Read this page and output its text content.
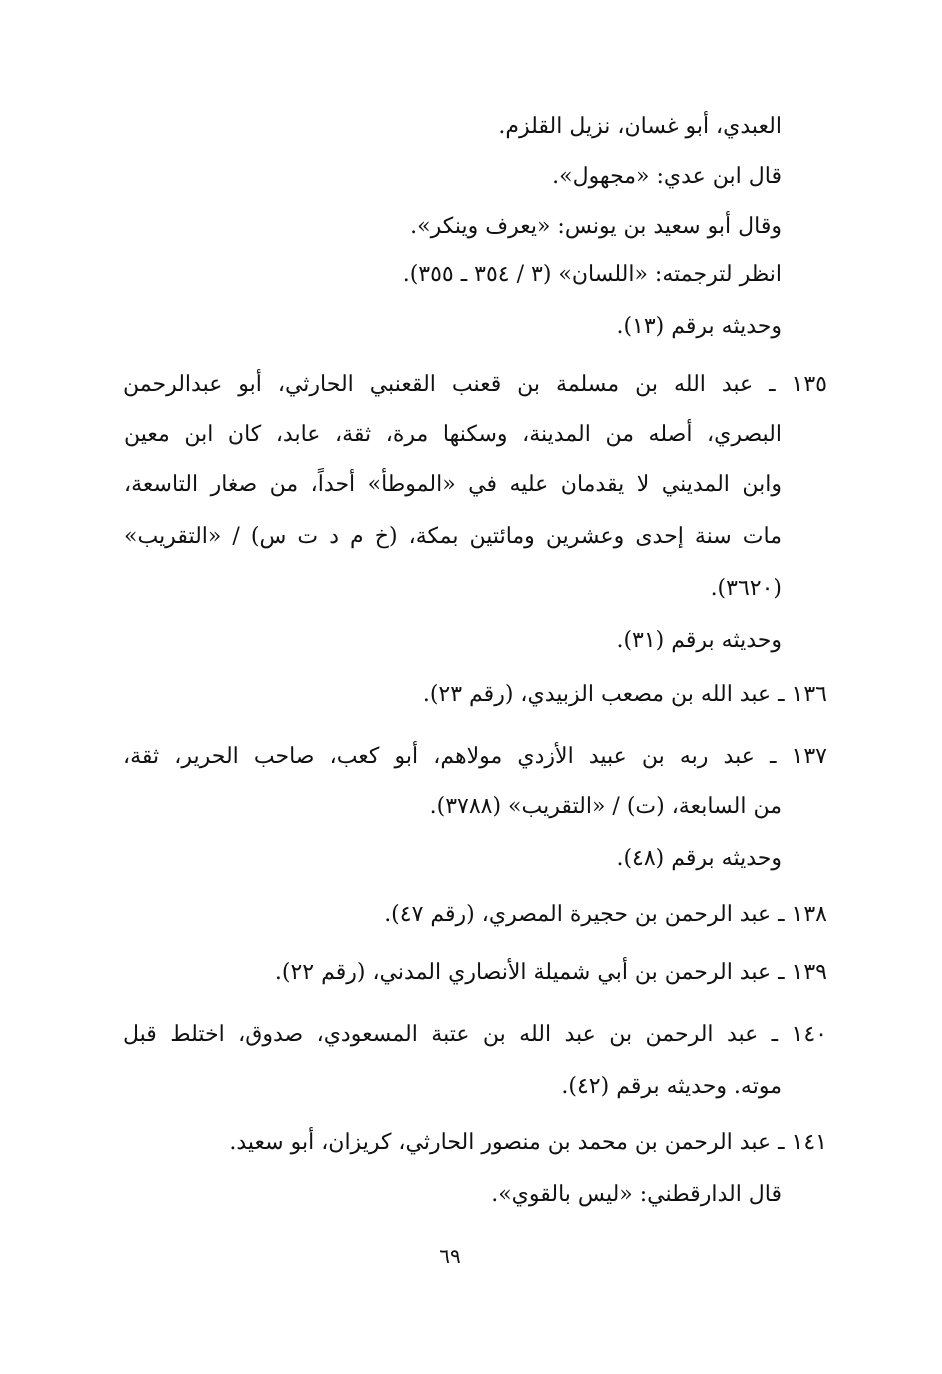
العبدي، أبو غسان، نزيل القلزم.
قال ابن عدي: «مجهول».
وقال أبو سعيد بن يونس: «يعرف وينكر».
انظر لترجمته: «اللسان» (٣ / ٣٥٤ ـ ٣٥٥).
وحديثه برقم (١٣).
١٣٥ ـ عبد الله بن مسلمة بن قعنب القعنبي الحارثي، أبو عبدالرحمن
البصري، أصله من المدينة، وسكنها مرة، ثقة، عابد، كان ابن معين
وابن المديني لا يقدمان عليه في «الموطأ» أحداً، من صغار التاسعة،
مات سنة إحدى وعشرين ومائتين بمكة، (خ م د ت س) / «التقريب»
(٣٦٢٠).
وحديثه برقم (٣١).
١٣٦ ـ عبد الله بن مصعب الزبيدي، (رقم ٢٣).
١٣٧ ـ عبد ربه بن عبيد الأزدي مولاهم، أبو كعب، صاحب الحرير، ثقة،
من السابعة، (ت) / «التقريب» (٣٧٨٨).
وحديثه برقم (٤٨).
١٣٨ ـ عبد الرحمن بن حجيرة المصري، (رقم ٤٧).
١٣٩ ـ عبد الرحمن بن أبي شميلة الأنصاري المدني، (رقم ٢٢).
١٤٠ ـ عبد الرحمن بن عبد الله بن عتبة المسعودي، صدوق، اختلط قبل
موته. وحديثه برقم (٤٢).
١٤١ ـ عبد الرحمن بن محمد بن منصور الحارثي، كريزان، أبو سعيد.
قال الدارقطني: «ليس بالقوي».
٦٩
